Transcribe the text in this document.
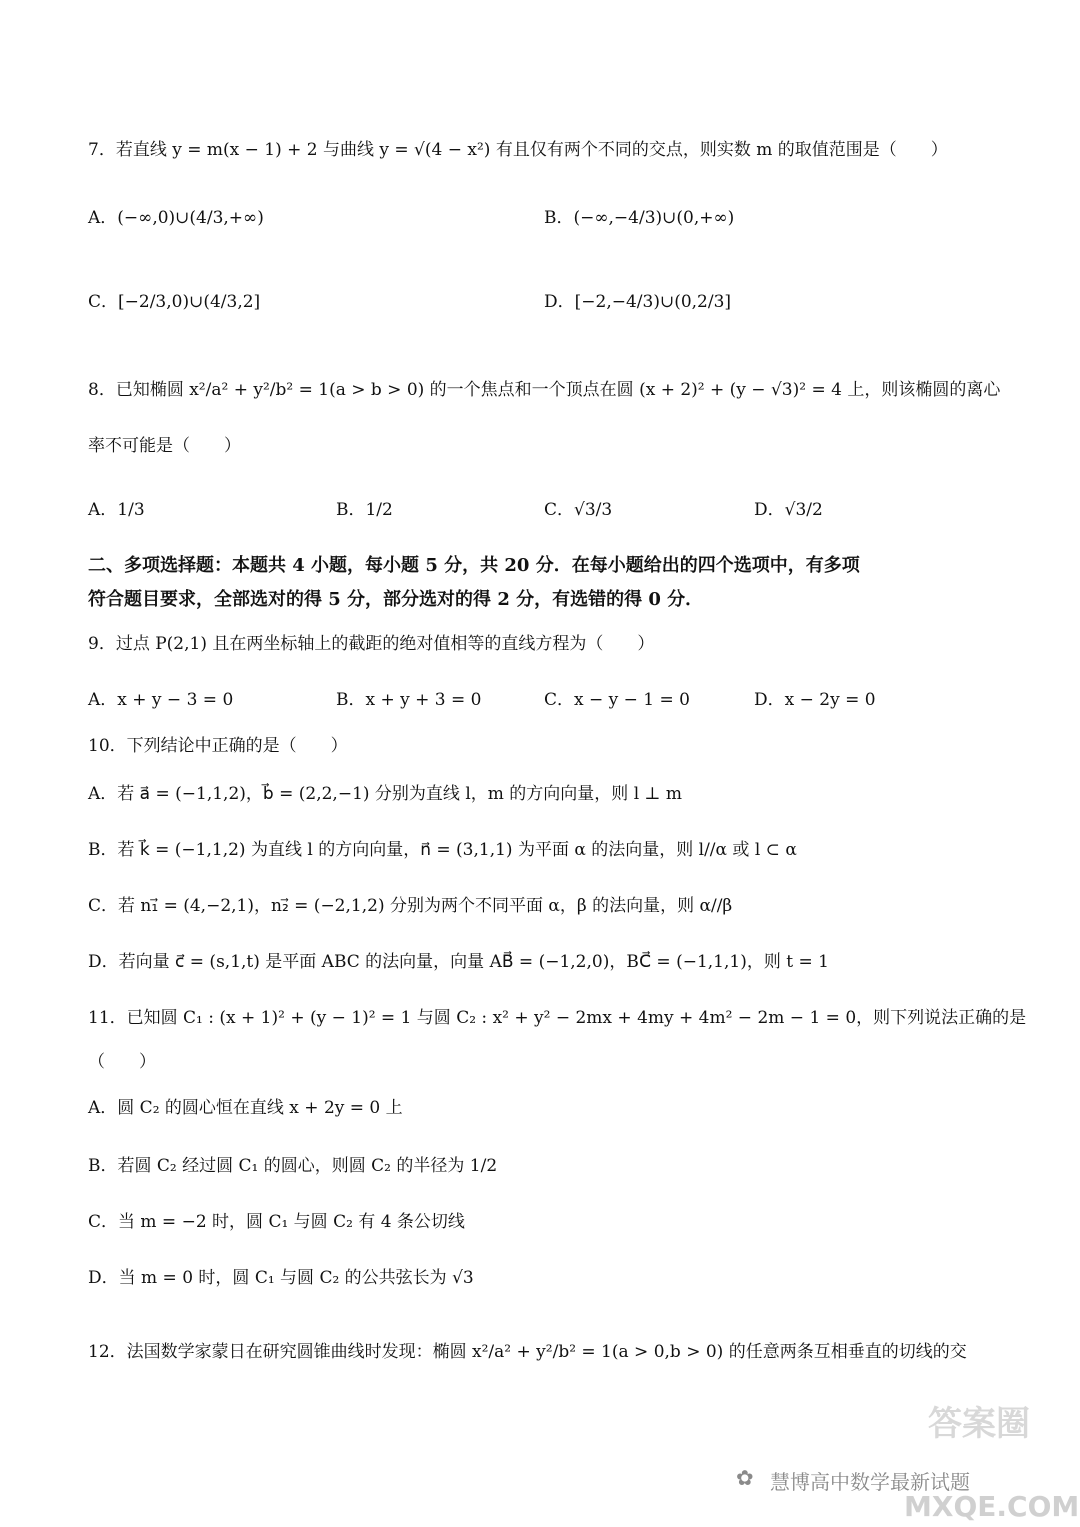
7．若直线 y = m(x − 1) + 2 与曲线 y = √(4 − x²) 有且仅有两个不同的交点，则实数 m 的取值范围是（　　）
A．(−∞,0)∪(4/3,+∞)	B．(−∞,−4/3)∪(0,+∞)
C．[−2/3,0)∪(4/3,2]	D．[−2,−4/3)∪(0,2/3]
8．已知椭圆 x²/a² + y²/b² = 1(a > b > 0) 的一个焦点和一个顶点在圆 (x + 2)² + (y − √3)² = 4 上，则该椭圆的离心
率不可能是（　　）
A．1/3	B．1/2	C．√3/3	D．√3/2
二、多项选择题：本题共 4 小题，每小题 5 分，共 20 分．在每小题给出的四个选项中，有多项
符合题目要求，全部选对的得 5 分，部分选对的得 2 分，有选错的得 0 分．
9．过点 P(2,1) 且在两坐标轴上的截距的绝对值相等的直线方程为（　　）
A．x + y − 3 = 0	B．x + y + 3 = 0	C．x − y − 1 = 0	D．x − 2y = 0
10．下列结论中正确的是（　　）
A．若 a⃗ = (−1,1,2)，b⃗ = (2,2,−1) 分别为直线 l，m 的方向向量，则 l ⊥ m
B．若 k⃗ = (−1,1,2) 为直线 l 的方向向量，n⃗ = (3,1,1) 为平面 α 的法向量，则 l//α 或 l ⊂ α
C．若 n₁⃗ = (4,−2,1)，n₂⃗ = (−2,1,2) 分别为两个不同平面 α，β 的法向量，则 α//β
D．若向量 c⃗ = (s,1,t) 是平面 ABC 的法向量，向量 AB⃗ = (−1,2,0)，BC⃗ = (−1,1,1)，则 t = 1
11．已知圆 C₁ : (x + 1)² + (y − 1)² = 1 与圆 C₂ : x² + y² − 2mx + 4my + 4m² − 2m − 1 = 0，则下列说法正确的是
（　　）
A．圆 C₂ 的圆心恒在直线 x + 2y = 0 上
B．若圆 C₂ 经过圆 C₁ 的圆心，则圆 C₂ 的半径为 1/2
C．当 m = −2 时，圆 C₁ 与圆 C₂ 有 4 条公切线
D．当 m = 0 时，圆 C₁ 与圆 C₂ 的公共弦长为 √3
12．法国数学家蒙日在研究圆锥曲线时发现：椭圆 x²/a² + y²/b² = 1(a > 0,b > 0) 的任意两条互相垂直的切线的交
✿ 慧博高中数学最新试题
答案圈
MXQE.COM
